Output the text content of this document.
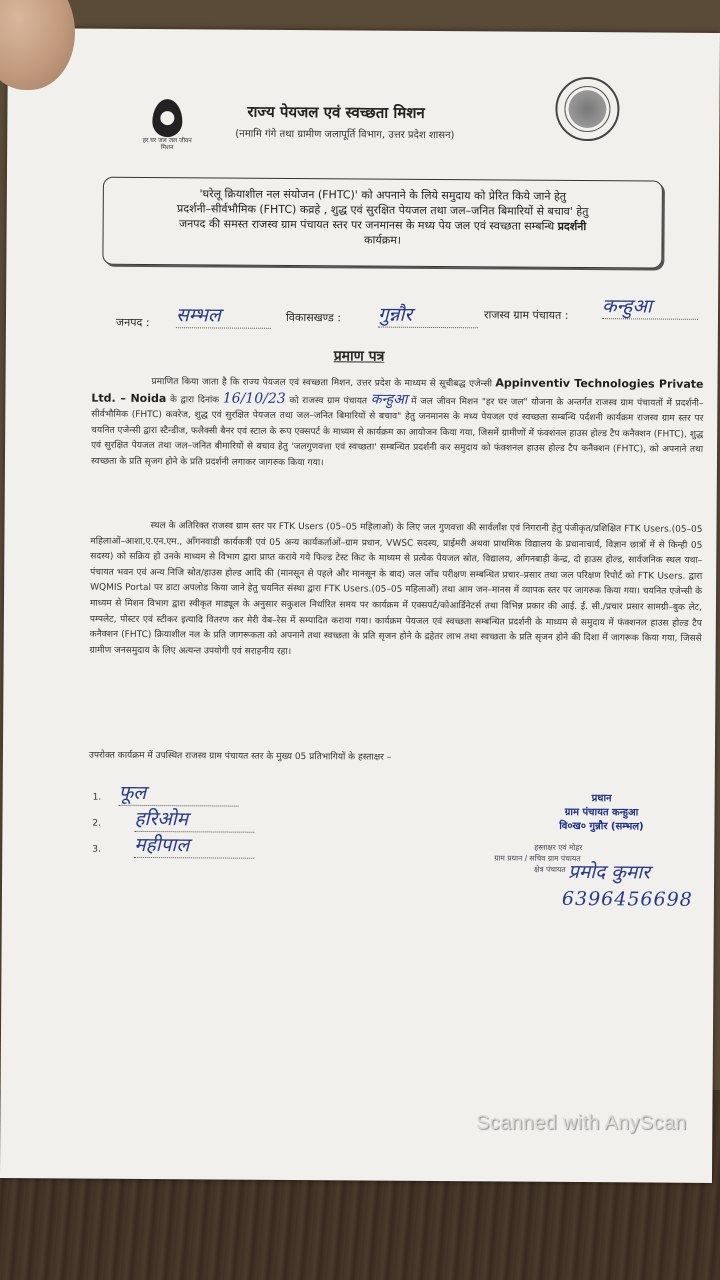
हर घर जल जल जीवन मिशन
राज्य पेयजल एवं स्वच्छता मिशन
(नमामि गंगे तथा ग्रामीण जलापूर्ति विभाग, उत्तर प्रदेश शासन)
'घरेलू क्रियाशील नल संयोजन (FHTC)' को अपनाने के लिये समुदाय को प्रेरित किये जाने हेतु
प्रदर्शनी–सीर्वभौमिक (FHTC) कव्रहे , शुद्ध एवं सुरक्षित पेयजल तथा जल–जनित बिमारियों से बचाव' हेतु
जनपद की समस्त राजस्व ग्राम पंचायत स्तर पर जनमानस के मध्य पेय जल एवं स्वच्छता सम्बन्धि प्रदर्शनी
कार्यक्रम।
जनपद : सम्भल	विकासखण्ड : गुन्नौर	राजस्व ग्राम पंचायत : कन्हुआ
प्रमाण पत्र
प्रमाणित किया जाता है कि राज्य पेयजल एवं स्वच्छता मिशन, उत्तर प्रदेश के माध्यम से सूचीबद्ध एजेन्सी Appinventiv Technologies Private Ltd. – Noida के द्वारा दिनांक 16/10/23 को राजस्व ग्राम पंचायत कन्हुआ में जल जीवन मिशन "हर घर जल" योजना के अन्तर्गत राजस्व ग्राम पंचायतों में प्रदर्शनी–सीर्वभौमिक (FHTC) कवरेज, शुद्ध एवं सुरक्षित पेयजल तथा जल–जनित बिमारियों से बचाव" हेतु जनमानस के मध्य पेयजल एवं स्वच्छता सम्बन्धि पर्दशनी कार्यक्रम राजस्व ग्राम स्तर पर चयनित एजेन्सी द्वारा स्टैन्डीज, फलैक्सी बैनर एवं स्टाल के रूप एक्सपर्ट के माध्यम से कार्यक्रम का आयोजन किया गया, जिसमें ग्रामीणों में फंक्शनल हाउस होल्ड टैप कनैक्शन (FHTC), शुद्ध एवं सुरक्षित पेयजल तथा जल–जनित बीमारियों से बचाव हेतु 'जलगुणवत्ता एवं स्वच्छता' सम्बन्धित प्रदर्शनी कर समुदाय को फंक्शनल हाउस होल्ड टैप कनैक्शन (FHTC), को अपनाने तथा स्वच्छता के प्रति सृजग होने के प्रति प्रदर्शनी लगाकर जागरुक किया गया।
स्थल के अतिरिक्त राजस्व ग्राम स्तर पर FTK Users (05–05 महिलाओं) के लिए जल गुणवत्ता की सार्वलाँश एवं निगरानी हेतु पंजीकृत/प्रशिक्षित FTK Users.(05–05 महिलाओं–आशा,ए.एन.एम., आँगनवाडी कार्यकत्री एवं 05 अन्य कार्यकर्ताओं–ग्राम प्रधान, VWSC सदस्य, प्राईमरी अथवा प्राथमिक विद्यालय के प्रधानाचार्य, विज्ञान छात्रों में से किन्ही 05 सदस्य) को सक्रिय हो उनके माध्यम से विभाग द्वारा प्राप्त कराये गये फिल्ड टेस्ट किट के माध्यम से प्रत्येक पेयजल स्रोत, विद्यालय, आँगनबाड़ी केन्द्र, दो हाउस होल्ड, सार्वजनिक स्थल यथा–पंचायत भवन एवं अन्य निजि स्रोत/हाउस होल्ड आदि की (मानसून से पहले और मानसून के बाद) जल जाँच परीक्षण सम्बन्धित प्रचार–प्रसार तथा जल परिक्षण रिपोर्ट को FTK Users. द्वारा WQMIS Portal पर डाटा अपलोड किया जाने हेतु चयनित संस्था द्वारा FTK Users.(05–05 महिलाओं) तथा आम जन–मानस में व्यापक स्तर पर जागरुक किया गया। चयनित एजेन्सी के माध्यम से मिशन विभाग द्वारा स्वीकृत माड्यूल के अनुसार सकुशल निर्धारित समय पर कार्यक्रम में एक्सपर्ट/कोआर्डिनेटर्स तथा विभिन्न प्रकार की आई. ई. सी./प्रचार प्रसार सामग्री–बुक लेट, पम्पलेट, पोस्टर एवं स्टीकर इत्यादि वितरण कर मेरी वेब–रेस में सम्पादित कराया गया। कार्यक्रम पेयजल एवं स्वच्छता सम्बन्धित प्रदर्शनी के माध्यम से समुदाय में फंक्शनल हाउस होल्ड टैप कनैक्शन (FHTC) क्रियाशील नल के प्रति जागरूकता को अपनाने तथा स्वच्छता के प्रति सृजन होने के द्रहेतर लाभ तथा स्वच्छता के प्रति सृजन होने की दिशा में जागरूक किया गया, जिससे ग्रामीण जनसमुदाय के लिए अत्यन्त उपयोगी एवं सराहनीय रहा।
उपरोक्त कार्यक्रम में उपस्थित राजस्व ग्राम पंचायत स्तर के मुख्य 05 प्रतिभागियों के हस्ताक्षर –
1. फूल
2. हरिओम
3. महीपाल
प्रधान
ग्राम पंचायत कन्हुआ
वि०ख० गुन्नौर (सम्भल)
हस्ताक्षर एवं मोहर
ग्राम प्रधान / सचिव ग्राम पंचायत
क्षेत्र पंचायत प्रमोद कुमार
6396456698
Scanned with AnyScan
